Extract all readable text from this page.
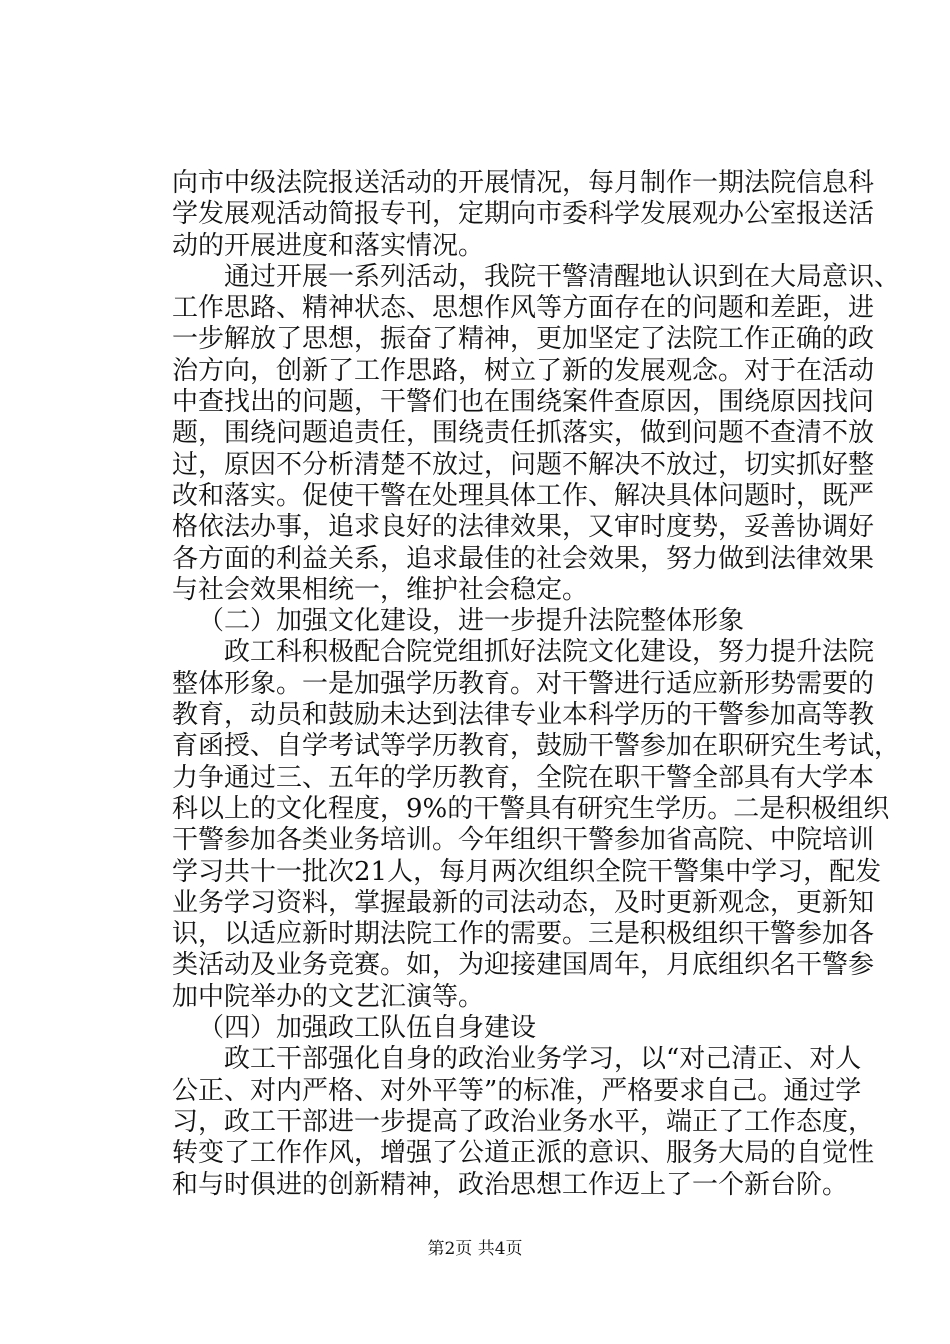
向市中级法院报送活动的开展情况，每月制作一期法院信息科
学发展观活动简报专刊，定期向市委科学发展观办公室报送活
动的开展进度和落实情况。
通过开展一系列活动，我院干警清醒地认识到在大局意识、
工作思路、精神状态、思想作风等方面存在的问题和差距，进
一步解放了思想，振奋了精神，更加坚定了法院工作正确的政
治方向，创新了工作思路，树立了新的发展观念。对于在活动
中查找出的问题，干警们也在围绕案件查原因，围绕原因找问
题，围绕问题追责任，围绕责任抓落实，做到问题不查清不放
过，原因不分析清楚不放过，问题不解决不放过，切实抓好整
改和落实。促使干警在处理具体工作、解决具体问题时，既严
格依法办事，追求良好的法律效果，又审时度势，妥善协调好
各方面的利益关系，追求最佳的社会效果，努力做到法律效果
与社会效果相统一，维护社会稳定。
（二）加强文化建设，进一步提升法院整体形象
政工科积极配合院党组抓好法院文化建设，努力提升法院
整体形象。一是加强学历教育。对干警进行适应新形势需要的
教育，动员和鼓励未达到法律专业本科学历的干警参加高等教
育函授、自学考试等学历教育，鼓励干警参加在职研究生考试，
力争通过三、五年的学历教育，全院在职干警全部具有大学本
科以上的文化程度，9%的干警具有研究生学历。二是积极组织
干警参加各类业务培训。今年组织干警参加省高院、中院培训
学习共十一批次21人，每月两次组织全院干警集中学习，配发
业务学习资料，掌握最新的司法动态，及时更新观念，更新知
识，以适应新时期法院工作的需要。三是积极组织干警参加各
类活动及业务竞赛。如，为迎接建国周年，月底组织名干警参
加中院举办的文艺汇演等。
（四）加强政工队伍自身建设
政工干部强化自身的政治业务学习，以“对己清正、对人
公正、对内严格、对外平等”的标准，严格要求自己。通过学
习，政工干部进一步提高了政治业务水平，端正了工作态度，
转变了工作作风，增强了公道正派的意识、服务大局的自觉性
和与时俱进的创新精神，政治思想工作迈上了一个新台阶。
第2页 共4页
